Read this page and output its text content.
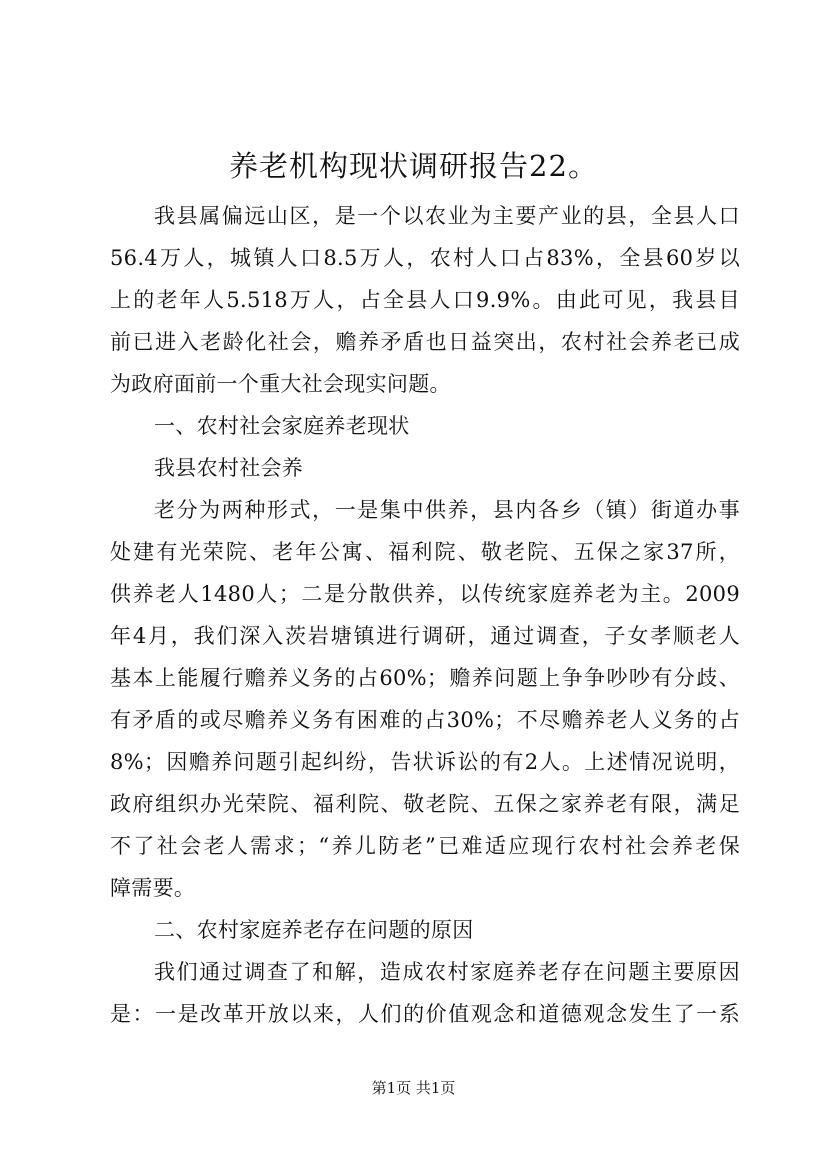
养老机构现状调研报告22。
我县属偏远山区，是一个以农业为主要产业的县，全县人口
56.4万人，城镇人口8.5万人，农村人口占83%，全县60岁以
上的老年人5.518万人，占全县人口9.9%。由此可见，我县目
前已进入老龄化社会，赡养矛盾也日益突出，农村社会养老已成
为政府面前一个重大社会现实问题。
一、农村社会家庭养老现状
我县农村社会养
老分为两种形式，一是集中供养，县内各乡（镇）街道办事
处建有光荣院、老年公寓、福利院、敬老院、五保之家37所，
供养老人1480人；二是分散供养，以传统家庭养老为主。2009
年4月，我们深入茨岩塘镇进行调研，通过调查，子女孝顺老人
基本上能履行赡养义务的占60%；赡养问题上争争吵吵有分歧、
有矛盾的或尽赡养义务有困难的占30%；不尽赡养老人义务的占
8%；因赡养问题引起纠纷，告状诉讼的有2人。上述情况说明，
政府组织办光荣院、福利院、敬老院、五保之家养老有限，满足
不了社会老人需求；“养儿防老”已难适应现行农村社会养老保
障需要。
二、农村家庭养老存在问题的原因
我们通过调查了和解，造成农村家庭养老存在问题主要原因
是：一是改革开放以来，人们的价值观念和道德观念发生了一系
第1页 共1页
